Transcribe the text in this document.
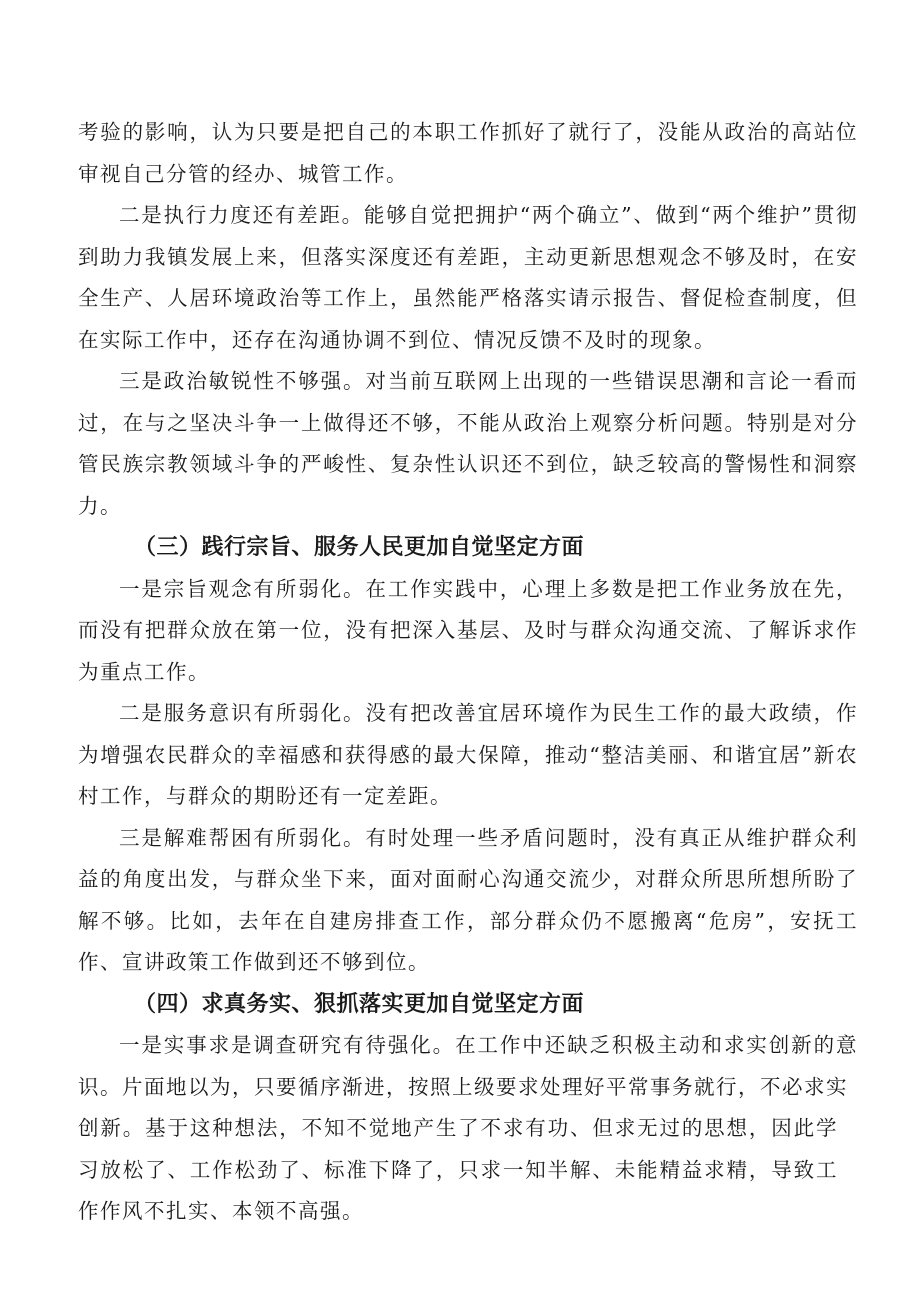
考验的影响，认为只要是把自己的本职工作抓好了就行了，没能从政治的高站位审视自己分管的经办、城管工作。

二是执行力度还有差距。能够自觉把拥护“两个确立”、做到“两个维护”贯彻到助力我镇发展上来，但落实深度还有差距，主动更新思想观念不够及时，在安全生产、人居环境政治等工作上，虽然能严格落实请示报告、督促检查制度，但在实际工作中，还存在沟通协调不到位、情况反馈不及时的现象。

三是政治敏锐性不够强。对当前互联网上出现的一些错误思潮和言论一看而过，在与之坚决斗争一上做得还不够，不能从政治上观察分析问题。特别是对分管民族宗教领域斗争的严峻性、复杂性认识还不到位，缺乏较高的警惕性和洞察力。

（三）践行宗旨、服务人民更加自觉坚定方面

一是宗旨观念有所弱化。在工作实践中，心理上多数是把工作业务放在先，而没有把群众放在第一位，没有把深入基层、及时与群众沟通交流、了解诉求作为重点工作。

二是服务意识有所弱化。没有把改善宜居环境作为民生工作的最大政绩，作为增强农民群众的幸福感和获得感的最大保障，推动“整洁美丽、和谐宜居”新农村工作，与群众的期盼还有一定差距。

三是解难帮困有所弱化。有时处理一些矛盾问题时，没有真正从维护群众利益的角度出发，与群众坐下来，面对面耐心沟通交流少，对群众所思所想所盼了解不够。比如，去年在自建房排查工作，部分群众仍不愿搬离“危房”，安抚工作、宣讲政策工作做到还不够到位。

（四）求真务实、狠抓落实更加自觉坚定方面

一是实事求是调查研究有待强化。在工作中还缺乏积极主动和求实创新的意识。片面地以为，只要循序渐进，按照上级要求处理好平常事务就行，不必求实

创新。基于这种想法，不知不觉地产生了不求有功、但求无过的思想，因此学习放松了、工作松劲了、标准下降了，只求一知半解、未能精益求精，导致工作作风不扎实、本领不高强。
